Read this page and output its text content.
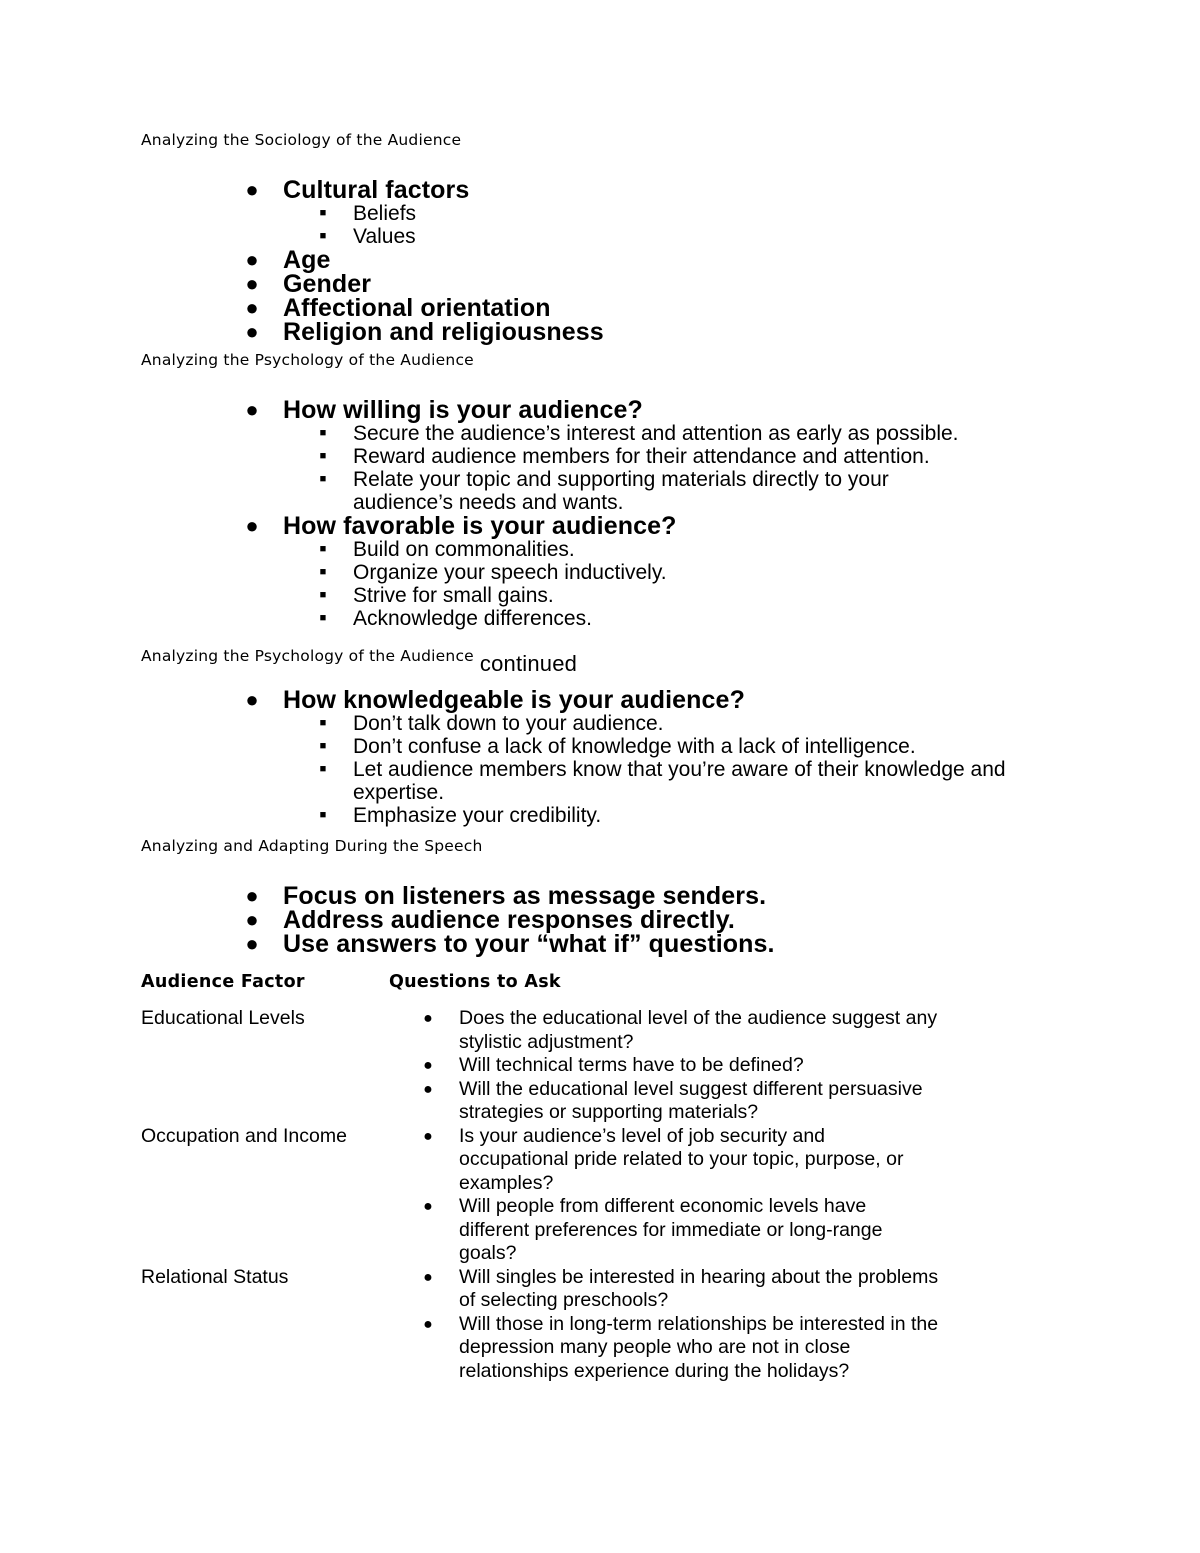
Analyzing the Sociology of the Audience
● Cultural factors
■ Beliefs
■ Values
● Age
● Gender
● Affectional orientation
● Religion and religiousness
Analyzing the Psychology of the Audience
● How willing is your audience?
■ Secure the audience’s interest and attention as early as possible.
■ Reward audience members for their attendance and attention.
■ Relate your topic and supporting materials directly to your audience’s needs and wants.
● How favorable is your audience?
■ Build on commonalities.
■ Organize your speech inductively.
■ Strive for small gains.
■ Acknowledge differences.
Analyzing the Psychology of the Audience continued
● How knowledgeable is your audience?
■ Don’t talk down to your audience.
■ Don’t confuse a lack of knowledge with a lack of intelligence.
■ Let audience members know that you’re aware of their knowledge and expertise.
■ Emphasize your credibility.
Analyzing and Adapting During the Speech
● Focus on listeners as message senders.
● Address audience responses directly.
● Use answers to your “what if” questions.
Audience Factor	Questions to Ask
Educational Levels	● Does the educational level of the audience suggest any stylistic adjustment?
● Will technical terms have to be defined?
● Will the educational level suggest different persuasive strategies or supporting materials?
Occupation and Income	● Is your audience’s level of job security and occupational pride related to your topic, purpose, or examples?
● Will people from different economic levels have different preferences for immediate or long-range goals?
Relational Status	● Will singles be interested in hearing about the problems of selecting preschools?
● Will those in long-term relationships be interested in the depression many people who are not in close relationships experience during the holidays?
